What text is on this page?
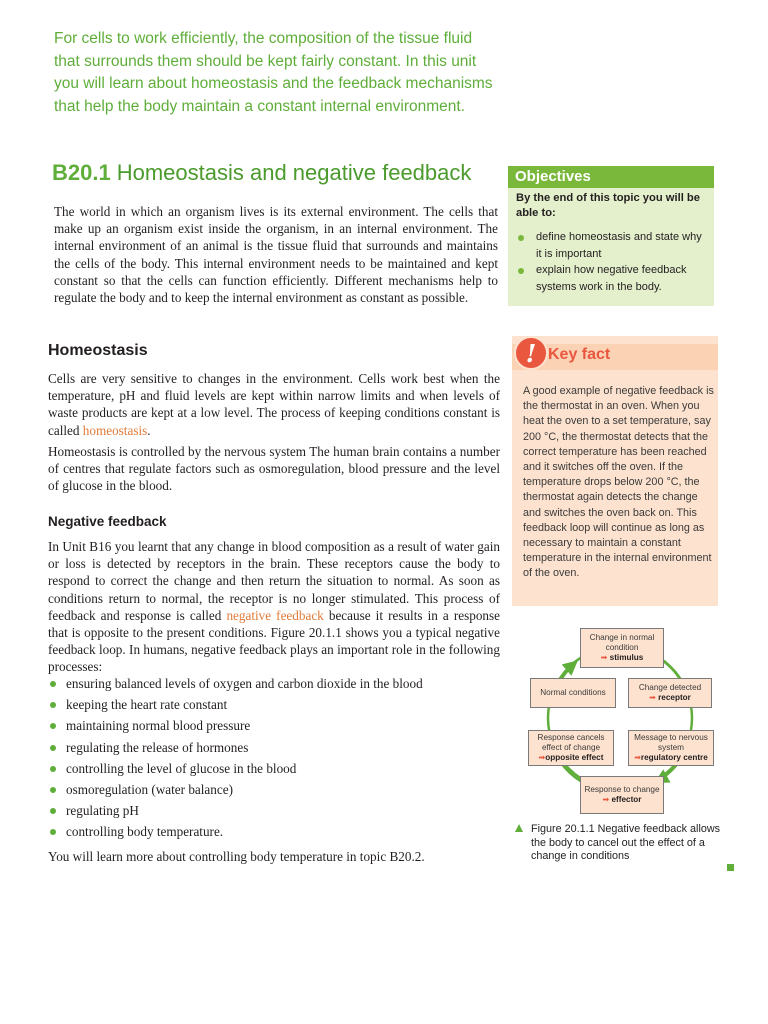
For cells to work efficiently, the composition of the tissue fluid that surrounds them should be kept fairly constant. In this unit you will learn about homeostasis and the feedback mechanisms that help the body maintain a constant internal environment.
B20.1 Homeostasis and negative feedback

The world in which an organism lives is its external environment. The cells that make up an organism exist inside the organism, in an internal environment. The internal environment of an animal is the tissue fluid that surrounds and maintains the cells of the body. This internal environment needs to be maintained and kept constant so that the cells can function efficiently. Different mechanisms help to regulate the body and to keep the internal environment as constant as possible.

Homeostasis

Cells are very sensitive to changes in the environment. Cells work best when the temperature, pH and fluid levels are kept within narrow limits and when levels of waste products are kept at a low level. The process of keeping conditions constant is called homeostasis.

Homeostasis is controlled by the nervous system The human brain contains a number of centres that regulate factors such as osmoregulation, blood pressure and the level of glucose in the blood.

Negative feedback

In Unit B16 you learnt that any change in blood composition as a result of water gain or loss is detected by receptors in the brain. These receptors cause the body to respond to correct the change and then return the situation to normal. As soon as conditions return to normal, the receptor is no longer stimulated. This process of feedback and response is called negative feedback because it results in a response that is opposite to the present conditions. Figure 20.1.1 shows you a typical negative feedback loop. In humans, negative feedback plays an important role in the following processes:

ensuring balanced levels of oxygen and carbon dioxide in the blood
keeping the heart rate constant
maintaining normal blood pressure
regulating the release of hormones
controlling the level of glucose in the blood
osmoregulation (water balance)
regulating pH
controlling body temperature.

You will learn more about controlling body temperature in topic B20.2.

Objectives
By the end of this topic you will be able to:
define homeostasis and state why it is important
explain how negative feedback systems work in the body.
! Key fact
A good example of negative feedback is the thermostat in an oven. When you heat the oven to a set temperature, say 200 °C, the thermostat detects that the correct temperature has been reached and it switches off the oven. If the temperature drops below 200 °C, the thermostat again detects the change and switches the oven back on. This feedback loop will continue as long as necessary to maintain a constant temperature in the internal environment of the oven.
Change in normal condition
➡ stimulus
Normal conditions
Change detected
➡ receptor
Response cancels effect of change
➡opposite effect
Message to nervous system
➡regulatory centre
Response to change
➡ effector
Figure 20.1.1 Negative feedback allows the body to cancel out the effect of a change in conditions
